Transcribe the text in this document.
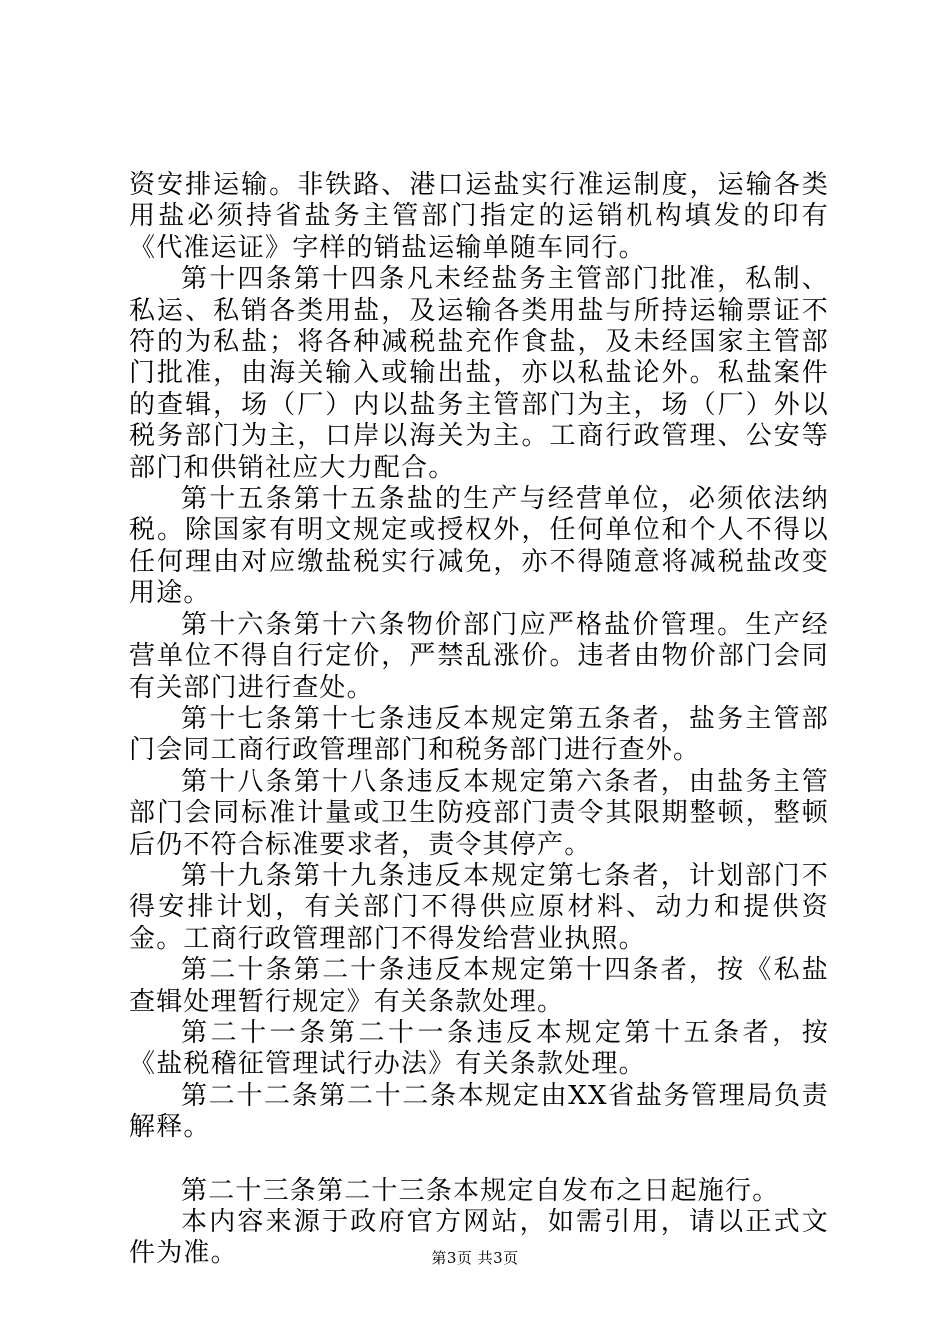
资安排运输。非铁路、港口运盐实行准运制度，运输各类用盐必须持省盐务主管部门指定的运销机构填发的印有《代准运证》字样的销盐运输单随车同行。

第十四条第十四条凡未经盐务主管部门批准，私制、私运、私销各类用盐，及运输各类用盐与所持运输票证不符的为私盐；将各种减税盐充作食盐，及未经国家主管部门批准，由海关输入或输出盐，亦以私盐论外。私盐案件的查辑，场（厂）内以盐务主管部门为主，场（厂）外以税务部门为主，口岸以海关为主。工商行政管理、公安等部门和供销社应大力配合。

第十五条第十五条盐的生产与经营单位，必须依法纳税。除国家有明文规定或授权外，任何单位和个人不得以任何理由对应缴盐税实行减免，亦不得随意将减税盐改变用途。

第十六条第十六条物价部门应严格盐价管理。生产经营单位不得自行定价，严禁乱涨价。违者由物价部门会同有关部门进行查处。

第十七条第十七条违反本规定第五条者，盐务主管部门会同工商行政管理部门和税务部门进行查外。

第十八条第十八条违反本规定第六条者，由盐务主管部门会同标准计量或卫生防疫部门责令其限期整顿，整顿后仍不符合标准要求者，责令其停产。

第十九条第十九条违反本规定第七条者，计划部门不得安排计划，有关部门不得供应原材料、动力和提供资金。工商行政管理部门不得发给营业执照。

第二十条第二十条违反本规定第十四条者，按《私盐查辑处理暂行规定》有关条款处理。

第二十一条第二十一条违反本规定第十五条者，按《盐税稽征管理试行办法》有关条款处理。

第二十二条第二十二条本规定由XX省盐务管理局负责解释。

第二十三条第二十三条本规定自发布之日起施行。

本内容来源于政府官方网站，如需引用，请以正式文件为准。	第3页 共3页
